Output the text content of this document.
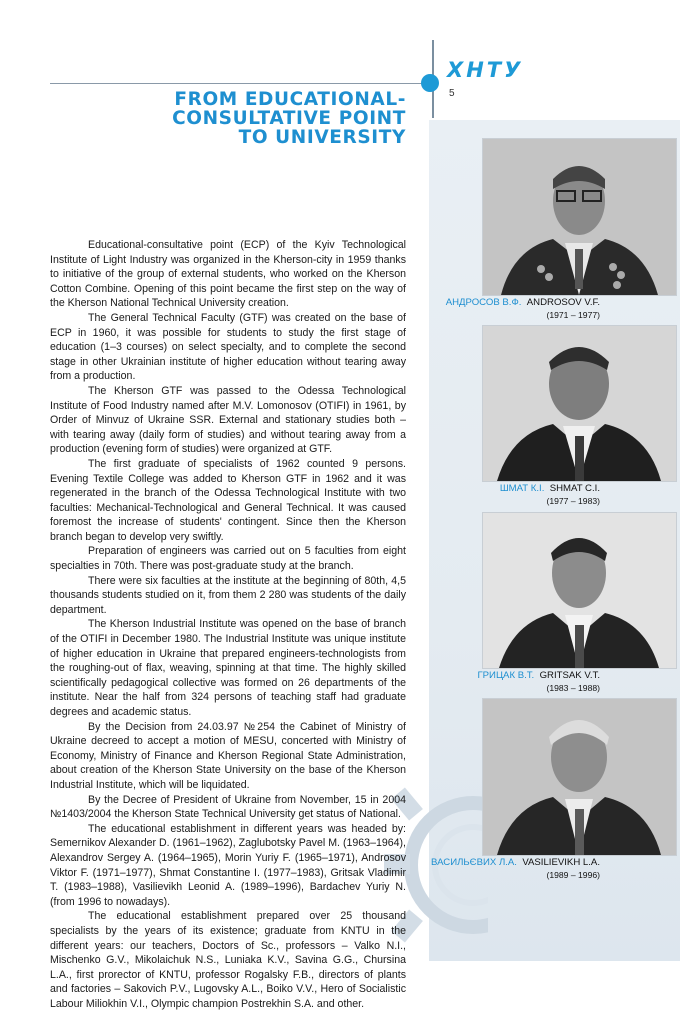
ХНТУ
5
FROM EDUCATIONAL-
CONSULTATIVE POINT
TO UNIVERSITY

Educational-consultative point (ECP) of the Kyiv Technological Institute of Light Industry was organized in the Kherson-city in 1959 thanks to initiative of the group of external students, who worked on the Kherson Cotton Combine. Opening of this point became the first step on the way of the Kherson National Technical University creation.

The General Technical Faculty (GTF) was created on the base of ECP in 1960, it was possible for students to study the first stage of education (1–3 courses) on select specialty, and to complete the second stage in other Ukrainian institute of higher education without tearing away from a production.

The Kherson GTF was passed to the Odessa Technological Institute of Food Industry named after M.V. Lomonosov (OTIFI) in 1961, by Order of Minvuz of Ukraine SSR. External and stationary studies both – with tearing away (daily form of studies) and without tearing away from a production (evening form of studies) were organized at GTF.

The first graduate of specialists of 1962 counted 9 persons. Evening Textile College was added to Kherson GTF in 1962 and it was regenerated in the branch of the Odessa Technological Institute with two faculties: Mechanical-Technological and General Technical. It was caused foremost the increase of students' contingent. Since then the Kherson branch began to develop very swiftly.

Preparation of engineers was carried out on 5 faculties from eight specialties in 70th. There was post-graduate study at the branch.

There were six faculties at the institute at the beginning of 80th, 4,5 thousands students studied on it, from them 2 280 was students of the daily department.

The Kherson Industrial Institute was opened on the base of branch of the OTIFI in December 1980. The Industrial Institute was unique institute of higher education in Ukraine that prepared engineers-technologists from the roughing-out of flax, weaving, spinning at that time. The highly skilled scientifically pedagogical collective was formed on 26 departments of the institute. Near the half from 324 persons of teaching staff had graduate degrees and academic status.

By the Decision from 24.03.97 №254 the Cabinet of Ministry of Ukraine decreed to accept a motion of MESU, concerted with Ministry of Economy, Ministry of Finance and Kherson Regional State Administration, about creation of the Kherson State University on the base of the Kherson Industrial Institute, which will be liquidated.

By the Decree of President of Ukraine from November, 15 in 2004 №1403/2004 the Kherson State Technical University get status of National.

The educational establishment in different years was headed by: Semernikov Alexander D. (1961–1962), Zaglubotsky Pavel M. (1963–1964), Alexandrov Sergey A. (1964–1965), Morin Yuriy F. (1965–1971), Androsov Viktor F. (1971–1977), Shmat Constantine I. (1977–1983), Gritsak Vladimir T. (1983–1988), Vasilievikh Leonid A. (1989–1996), Bardachev Yuriy N. (from 1996 to nowadays).

The educational establishment prepared over 25 thousand specialists by the years of its existence; graduate from KNTU in the different years: our teachers, Doctors of Sc., professors – Valko N.I., Mischenko G.V., Mikolaichuk N.S., Luniaka K.V., Savina G.G., Chursina L.A., first prorector of KNTU, professor Rogalsky F.B., directors of plants and factories – Sakovich P.V., Lugovsky A.L., Boiko V.V., Hero of Socialistic Labour Miliokhin V.I., Olympic champion Postrekhin S.A. and other.

АНДРОСОВ В.Ф. ANDROSOV V.F.
(1971 – 1977)
ШМАТ К.І. SHMAT C.I.
(1977 – 1983)
ГРИЦАК В.Т. GRITSAK V.T.
(1983 – 1988)
ВАСИЛЬЄВИХ Л.А. VASILIEVIKH L.A.
(1989 – 1996)
